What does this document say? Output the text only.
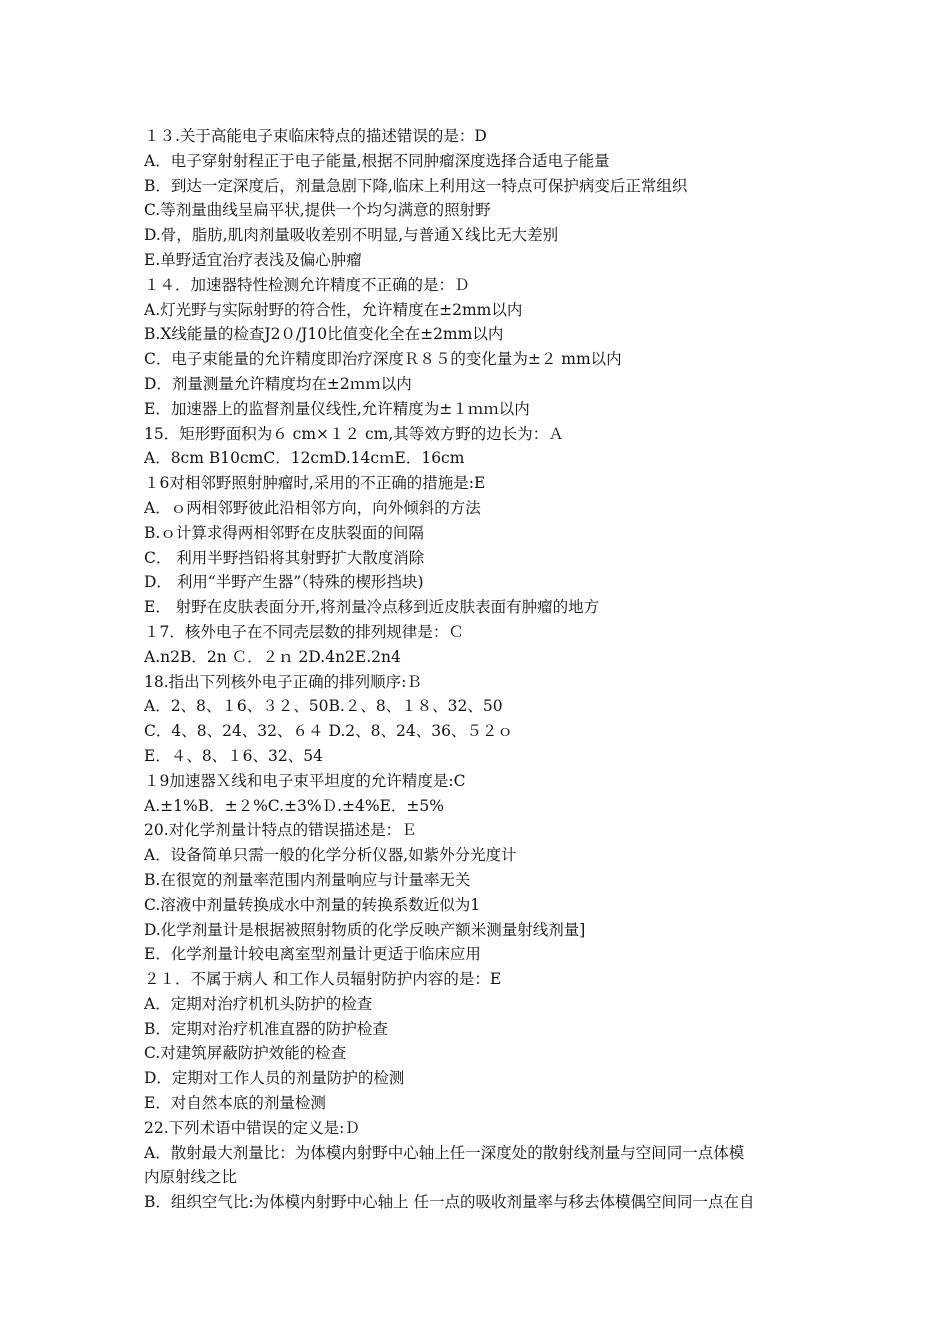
１３.关于高能电子束临床特点的描述错误的是：D
A．电子穿射射程正于电子能量,根据不同肿瘤深度选择合适电子能量
B．到达一定深度后，剂量急剧下降,临床上利用这一特点可保护病变后正常组织
C.等剂量曲线呈扁平状,提供一个均匀满意的照射野
D.骨，脂肪,肌肉剂量吸收差别不明显,与普通Ｘ线比无大差别
E.单野适宜治疗表浅及偏心肿瘤
１４．加速器特性检测允许精度不正确的是：Ｄ
A.灯光野与实际射野的符合性，允许精度在±2mm以内
B.X线能量的检查J2０/J10比值变化全在±2mm以内
C．电子束能量的允许精度即治疗深度Ｒ８５的变化量为±２ mm以内
D．剂量测量允许精度均在±2ｍｍ以内
E．加速器上的监督剂量仪线性,允许精度为±１ｍｍ以内
15．矩形野面积为６ cm×１２ cm,其等效方野的边长为：Ａ
A．8cm B10cmC．12cmD.14cｍE．16cm
１6对相邻野照射肿瘤时,采用的不正确的措施是:E
A．ｏ两相邻野彼此沿相邻方向，向外倾斜的方法
B.ｏ计算求得两相邻野在皮肤裂面的间隔
C． 利用半野挡铅将其射野扩大散度消除
D． 利用“半野产生器”（特殊的楔形挡块)
E． 射野在皮肤表面分开,将剂量冷点移到近皮肤表面有肿瘤的地方
１7．核外电子在不同壳层数的排列规律是：Ｃ
A.n2B．2n Ｃ．２ｎ 2D.4n2E.2n4
18.指出下列核外电子正确的排列顺序:Ｂ
A．2、8、１6、３２、50B.２、8、１８、32、50
C．4、8、24、32、６４ D.2、8、24、36、５２ｏ
E．４、8、１6、32、54
１9加速器Ｘ线和电子束平坦度的允许精度是:C
A.±1%B．±２%C.±3%Ｄ.±4%E．±5%
20.对化学剂量计特点的错误描述是：Ｅ
A．设备简单只需一般的化学分析仪器,如紫外分光度计
B.在很宽的剂量率范围内剂量响应与计量率无关
C.溶液中剂量转换成水中剂量的转换系数近似为1
D.化学剂量计是根据被照射物质的化学反映产额米测量射线剂量]
E．化学剂量计较电离室型剂量计更适于临床应用
２１．不属于病人 和工作人员辐射防护内容的是：E
A．定期对治疗机机头防护的检查
B．定期对治疗机准直器的防护检查
C.对建筑屏蔽防护效能的检查
D．定期对工作人员的剂量防护的检测
E．对自然本底的剂量检测
22.下列术语中错误的定义是:Ｄ
A．散射最大剂量比：为体模内射野中心轴上任一深度处的散射线剂量与空间同一点体模
内原射线之比
B．组织空气比:为体模内射野中心轴上 任一点的吸收剂量率与移去体模偶空间同一点在自
